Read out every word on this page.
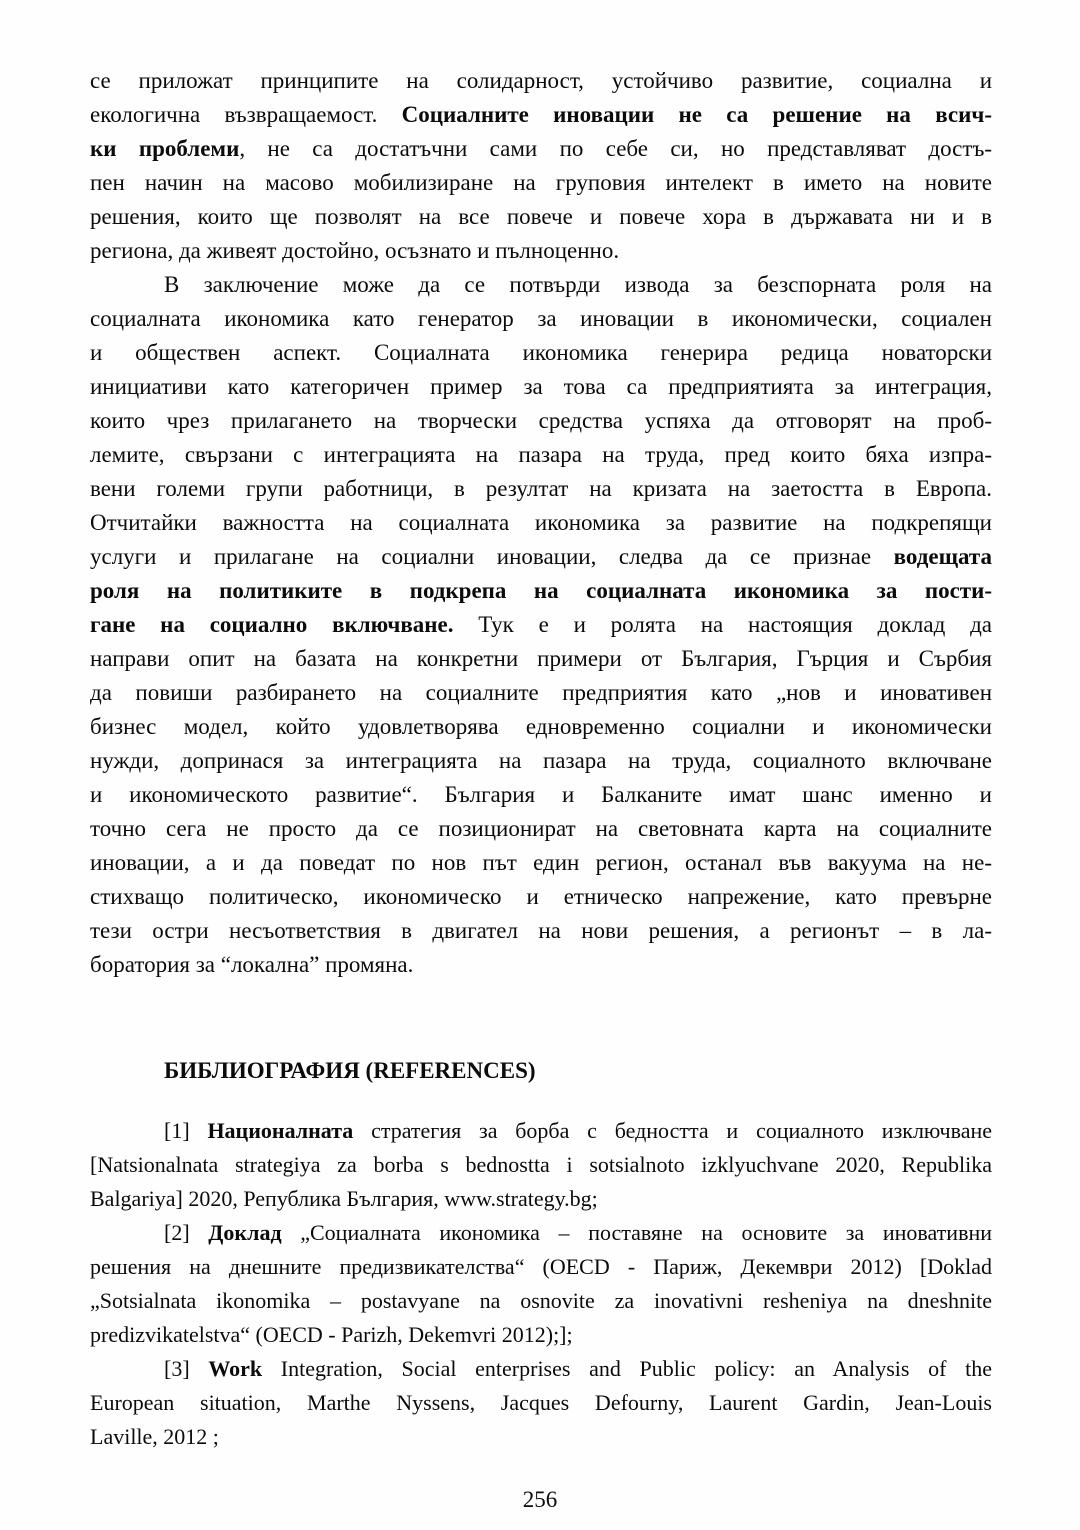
се приложат принципите на солидарност, устойчиво развитие, социална и
екологична възвращаемост. Социалните иновации не са решение на всич-
ки проблеми, не са достатъчни сами по себе си, но представляват достъ-
пен начин на масово мобилизиране на груповия интелект в името на новите
решения, които ще позволят на все повече и повече хора в държавата ни и в
региона, да живеят достойно, осъзнато и пълноценно.
В заключение може да се потвърди извода за безспорната роля на
социалната икономика като генератор за иновации в икономически, социален
и обществен аспект. Социалната икономика генерира редица новаторски
инициативи като категоричен пример за това са предприятията за интеграция,
които чрез прилагането на творчески средства успяха да отговорят на проб-
лемите, свързани с интеграцията на пазара на труда, пред които бяха изпра-
вени големи групи работници, в резултат на кризата на заетостта в Европа.
Отчитайки важността на социалната икономика за развитие на подкрепящи
услуги и прилагане на социални иновации, следва да се признае водещата
роля на политиките в подкрепа на социалната икономика за пости-
гане на социално включване. Тук е и ролята на настоящия доклад да
направи опит на базата на конкретни примери от България, Гърция и Сърбия
да повиши разбирането на социалните предприятия като „нов и иновативен
бизнес модел, който удовлетворява едновременно социални и икономически
нужди, допринася за интеграцията на пазара на труда, социалното включване
и икономическото развитие“. България и Балканите имат шанс именно и
точно сега не просто да се позиционират на световната карта на социалните
иновации, а и да поведат по нов път един регион, останал във вакуума на не-
стихващо политическо, икономическо и етническо напрежение, като превърне
тези остри несъответствия в двигател на нови решения, а регионът – в ла-
боратория за “локална” промяна.
БИБЛИОГРАФИЯ (REFERENCES)
[1] Националната стратегия за борба с бедността и социалното изключване
[Natsionalnata strategiya za borba s bednostta i sotsialnoto izklyuchvane 2020, Republika
Balgariya] 2020, Република България, www.strategy.bg;
[2] Доклад „Социалната икономика – поставяне на основите за иновативни
решения на днешните предизвикателства“ (OECD - Париж, Декември 2012) [Doklad
„Sotsialnata ikonomika – postavyane na osnovite za inovativni resheniya na dneshnite
predizvikatelstva“ (OECD - Parizh, Dekemvri 2012);];
[3] Work Integration, Social enterprises and Public policy: an Analysis of the
European situation, Marthe Nyssens, Jacques Defourny, Laurent Gardin, Jean-Louis
Laville, 2012 ;
256
